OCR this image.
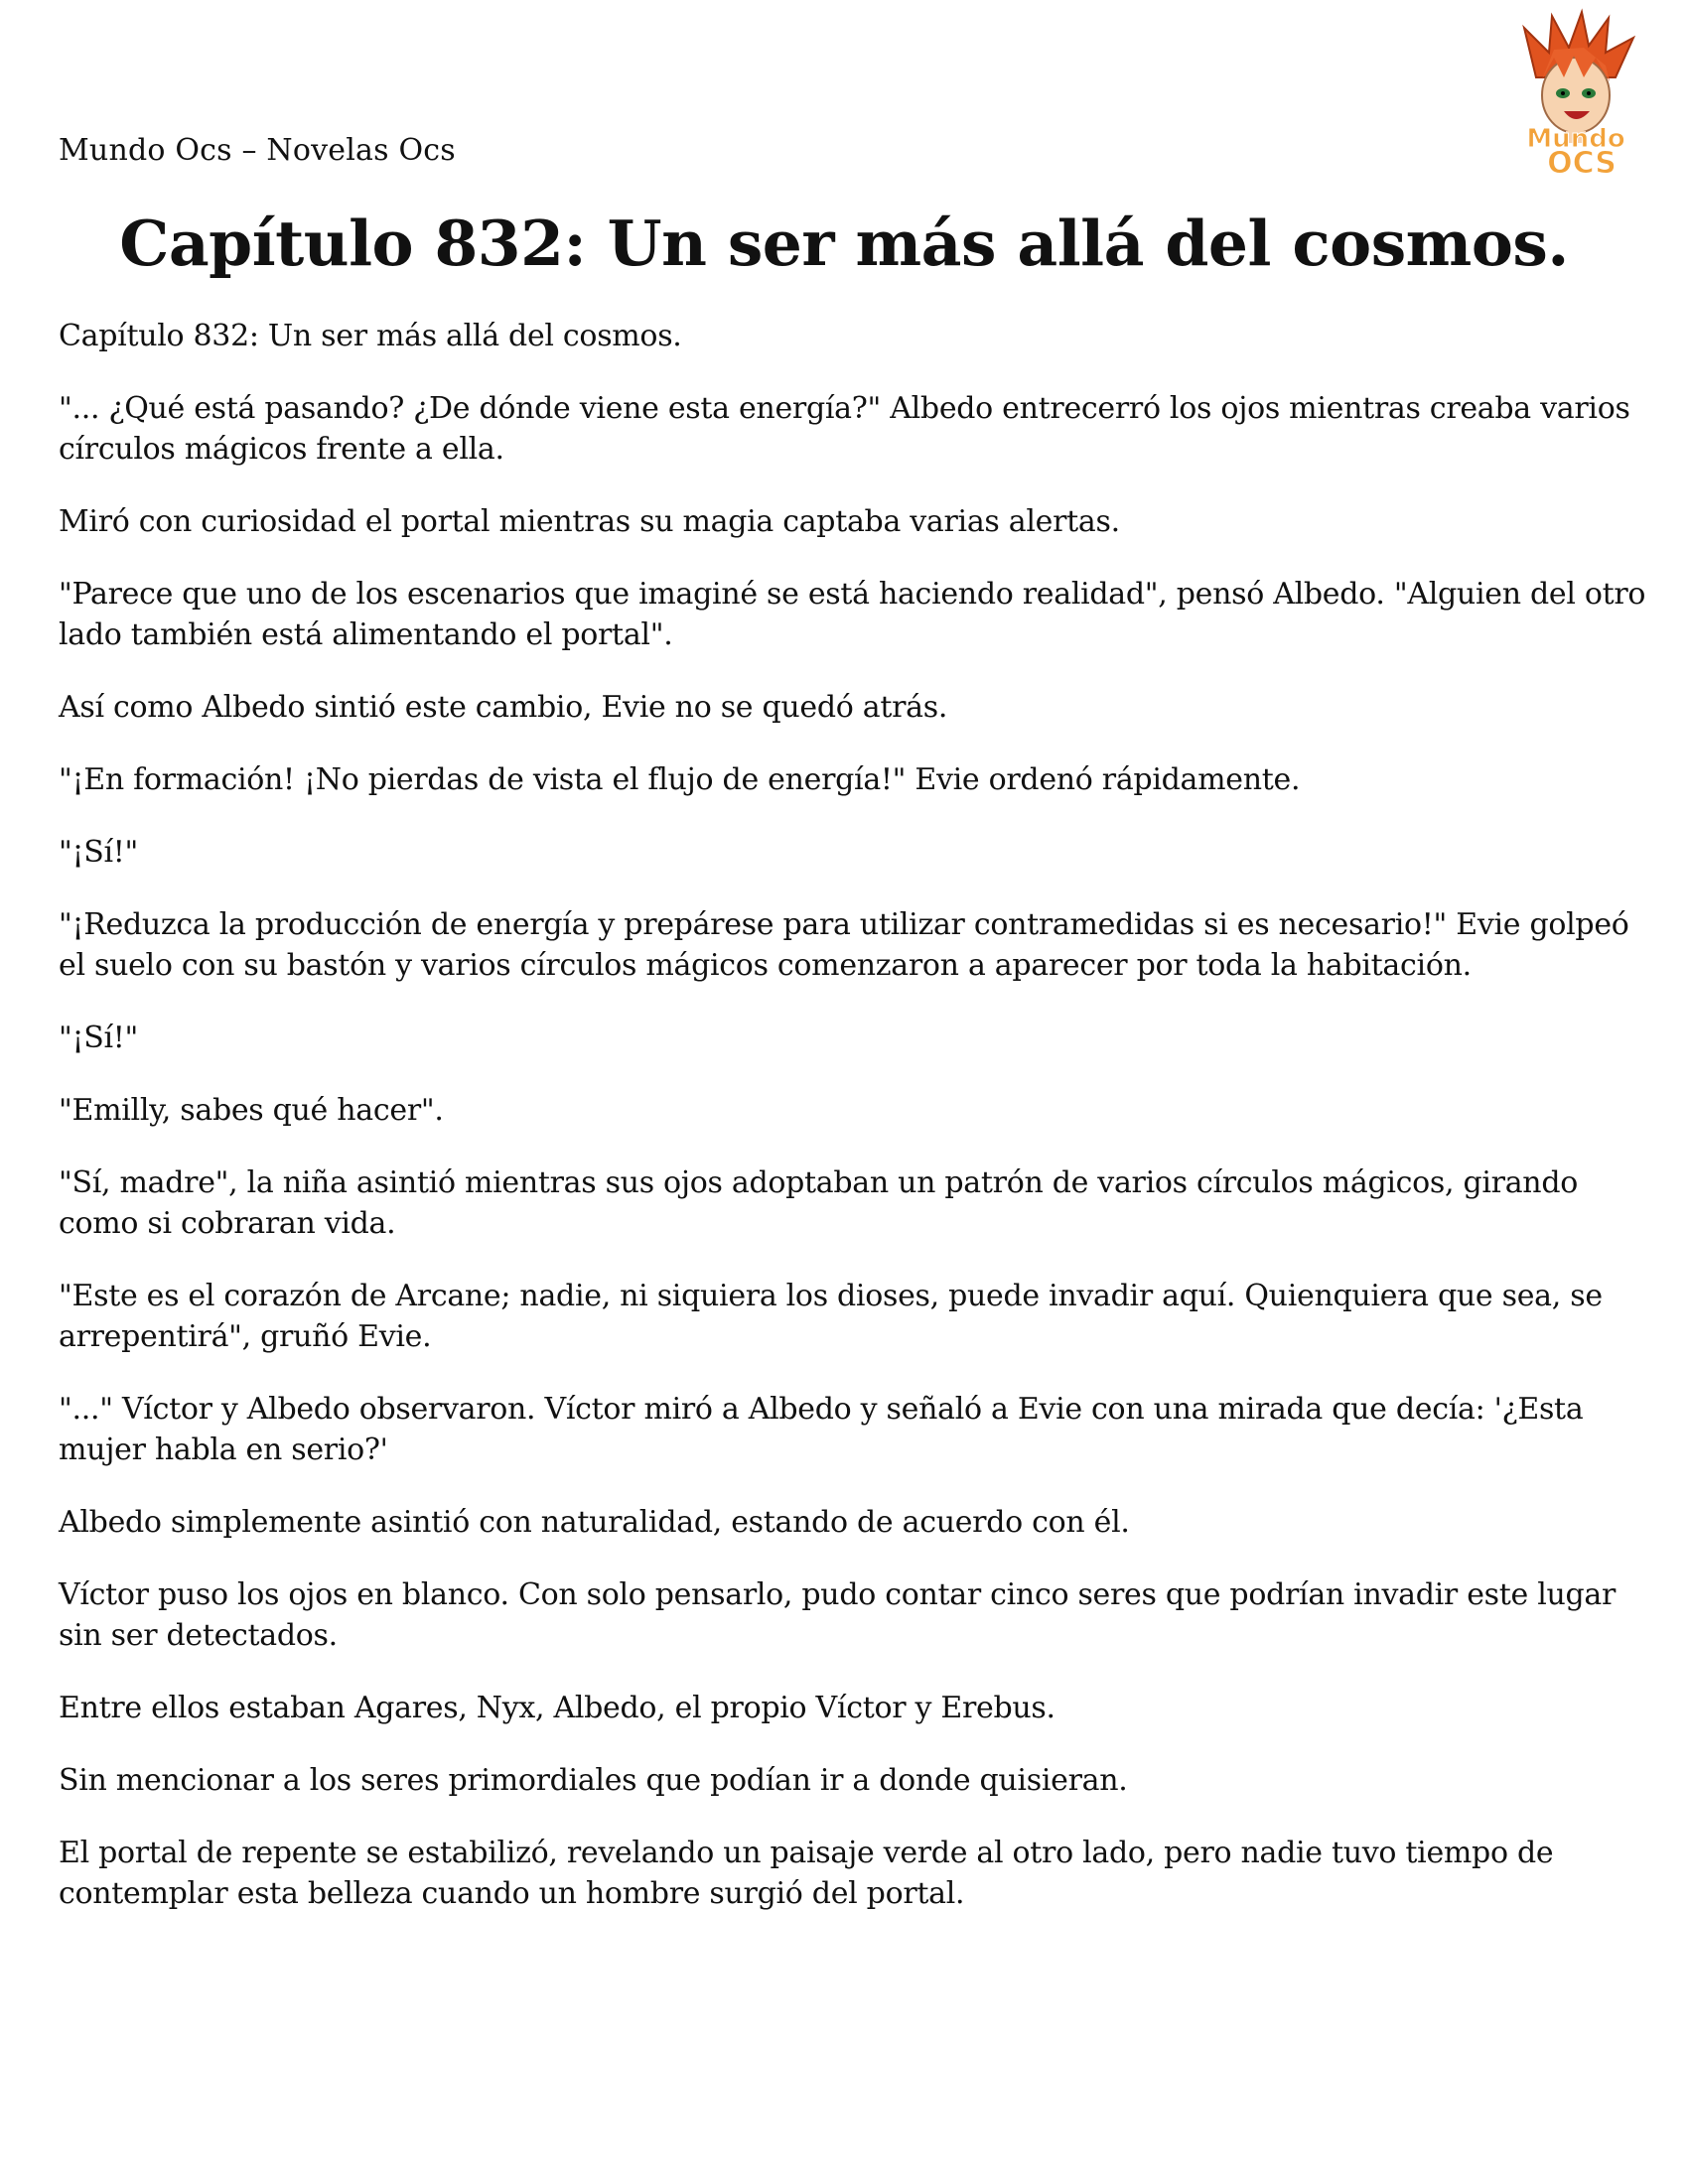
Mundo Ocs – Novelas Ocs	Mundo
OCS
Capítulo 832: Un ser más allá del cosmos.

Capítulo 832: Un ser más allá del cosmos.

"... ¿Qué está pasando? ¿De dónde viene esta energía?" Albedo entrecerró los ojos mientras creaba varios círculos mágicos frente a ella.

Miró con curiosidad el portal mientras su magia captaba varias alertas.

"Parece que uno de los escenarios que imaginé se está haciendo realidad", pensó Albedo. "Alguien del otro lado también está alimentando el portal".

Así como Albedo sintió este cambio, Evie no se quedó atrás.

"¡En formación! ¡No pierdas de vista el flujo de energía!" Evie ordenó rápidamente.

"¡Sí!"

"¡Reduzca la producción de energía y prepárese para utilizar contramedidas si es necesario!" Evie golpeó el suelo con su bastón y varios círculos mágicos comenzaron a aparecer por toda la habitación.

"¡Sí!"

"Emilly, sabes qué hacer".

"Sí, madre", la niña asintió mientras sus ojos adoptaban un patrón de varios círculos mágicos, girando como si cobraran vida.

"Este es el corazón de Arcane; nadie, ni siquiera los dioses, puede invadir aquí. Quienquiera que sea, se arrepentirá", gruñó Evie.

"..." Víctor y Albedo observaron. Víctor miró a Albedo y señaló a Evie con una mirada que decía: '¿Esta mujer habla en serio?'

Albedo simplemente asintió con naturalidad, estando de acuerdo con él.

Víctor puso los ojos en blanco. Con solo pensarlo, pudo contar cinco seres que podrían invadir este lugar sin ser detectados.

Entre ellos estaban Agares, Nyx, Albedo, el propio Víctor y Erebus.

Sin mencionar a los seres primordiales que podían ir a donde quisieran.

El portal de repente se estabilizó, revelando un paisaje verde al otro lado, pero nadie tuvo tiempo de contemplar esta belleza cuando un hombre surgió del portal.
